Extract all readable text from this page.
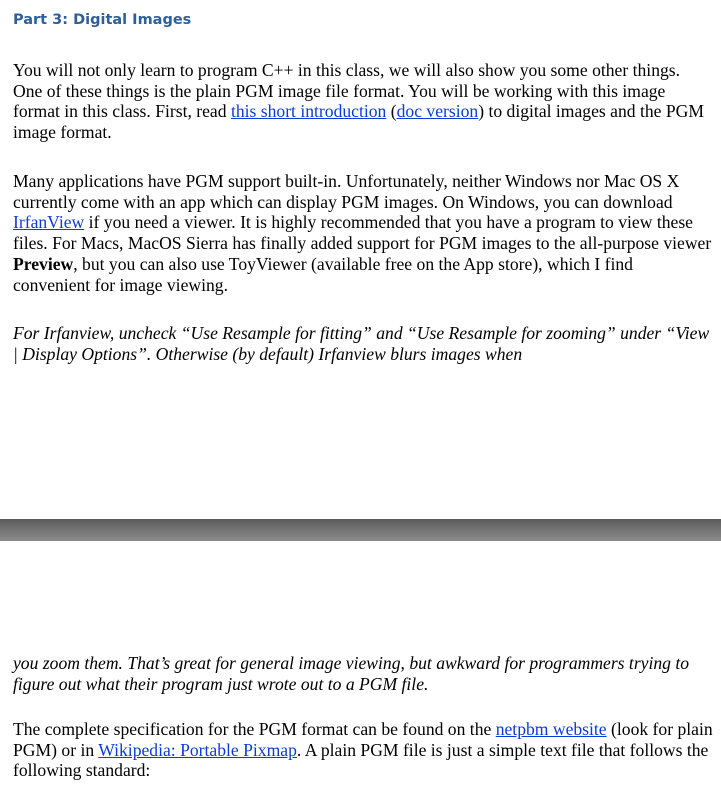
Part 3: Digital Images

You will not only learn to program C++ in this class, we will also show you some other things. One of these things is the plain PGM image file format. You will be working with this image format in this class. First, read this short introduction (doc version) to digital images and the PGM image format.

Many applications have PGM support built-in. Unfortunately, neither Windows nor Mac OS X currently come with an app which can display PGM images. On Windows, you can download IrfanView if you need a viewer. It is highly recommended that you have a program to view these files. For Macs, MacOS Sierra has finally added support for PGM images to the all-purpose viewer Preview, but you can also use ToyViewer (available free on the App store), which I find convenient for image viewing.

For Irfanview, uncheck “Use Resample for fitting” and “Use Resample for zooming” under “View | Display Options”. Otherwise (by default) Irfanview blurs images when

you zoom them. That’s great for general image viewing, but awkward for programmers trying to figure out what their program just wrote out to a PGM file.

The complete specification for the PGM format can be found on the netpbm website (look for plain PGM) or in Wikipedia: Portable Pixmap. A plain PGM file is just a simple text file that follows the following standard:
